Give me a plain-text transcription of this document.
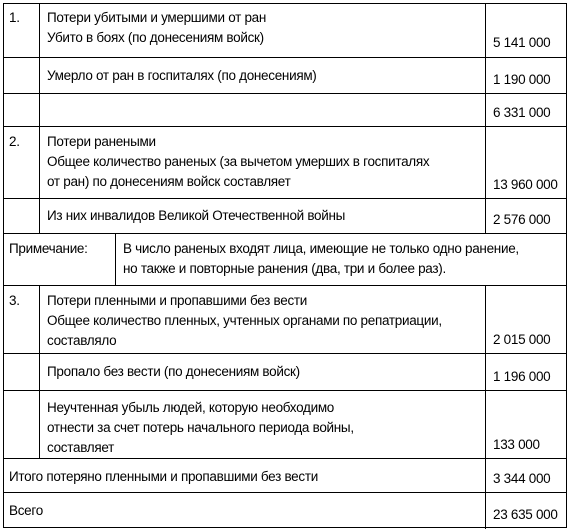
1. Потери убитыми и умершими от ран
Убито в боях (по донесениям войск)	5 141 000
Умерло от ран в госпиталях (по донесениям)	1 190 000
6 331 000
2. Потери ранеными
Общее количество раненых (за вычетом умерших в госпиталях
от ран) по донесениям войск составляет	13 960 000
Из них инвалидов Великой Отечественной войны	2 576 000
Примечание:	В число раненых входят лица, имеющие не только одно ранение,
но также и повторные ранения (два, три и более раз).
3. Потери пленными и пропавшими без вести
Общее количество пленных, учтенных органами по репатриации,
составляло	2 015 000
Пропало без вести (по донесениям войск)	1 196 000
Неучтенная убыль людей, которую необходимо
отнести за счет потерь начального периода войны,
составляет	133 000
Итого потеряно пленными и пропавшими без вести	3 344 000
Всего	23 635 000
